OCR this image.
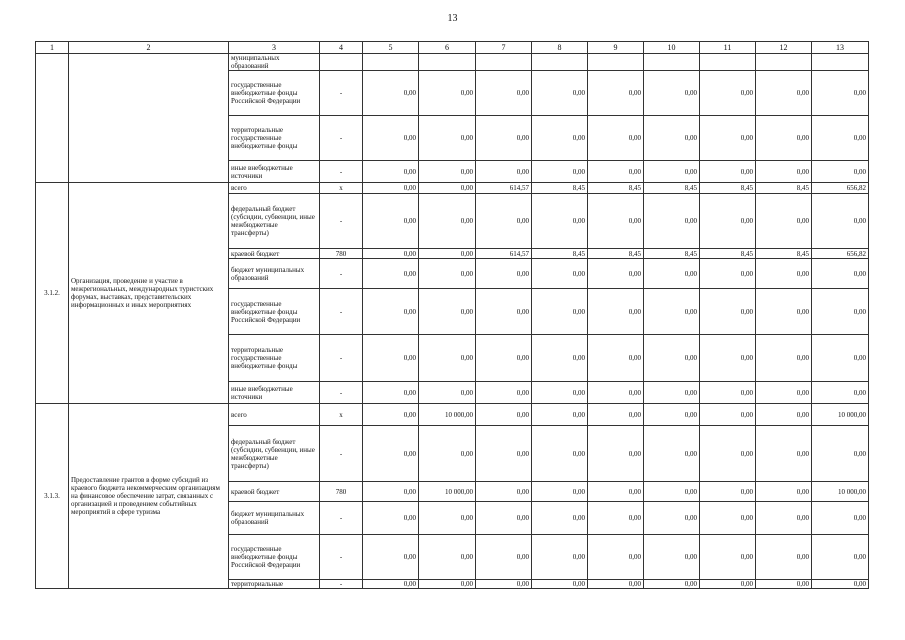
13
1	2	3	4	5	6	7	8	9	10	11	12	13
		муниципальных образований										
		государственные внебюджетные фонды Российской Федерации	-	0,00	0,00	0,00	0,00	0,00	0,00	0,00	0,00	0,00
		территориальные государственные внебюджетные фонды	-	0,00	0,00	0,00	0,00	0,00	0,00	0,00	0,00	0,00
		иные внебюджетные источники	-	0,00	0,00	0,00	0,00	0,00	0,00	0,00	0,00	0,00
3.1.2.	Организация, проведение и участие в межрегиональных, международных туристских форумах, выставках, представительских информационных и иных мероприятиях	всего	х	0,00	0,00	614,57	8,45	8,45	8,45	8,45	8,45	656,82
		федеральный бюджет (субсидии, субвенции, иные межбюджетные трансферты)	-	0,00	0,00	0,00	0,00	0,00	0,00	0,00	0,00	0,00
		краевой бюджет	780	0,00	0,00	614,57	8,45	8,45	8,45	8,45	8,45	656,82
		бюджет муниципальных образований	-	0,00	0,00	0,00	0,00	0,00	0,00	0,00	0,00	0,00
		государственные внебюджетные фонды Российской Федерации	-	0,00	0,00	0,00	0,00	0,00	0,00	0,00	0,00	0,00
		территориальные государственные внебюджетные фонды	-	0,00	0,00	0,00	0,00	0,00	0,00	0,00	0,00	0,00
		иные внебюджетные источники	-	0,00	0,00	0,00	0,00	0,00	0,00	0,00	0,00	0,00
3.1.3.	Предоставление грантов в форме субсидий из краевого бюджета некоммерческим организациям на финансовое обеспечение затрат, связанных с организацией и проведением событийных мероприятий в сфере туризма	всего	х	0,00	10 000,00	0,00	0,00	0,00	0,00	0,00	0,00	10 000,00
		федеральный бюджет (субсидии, субвенции, иные межбюджетные трансферты)	-	0,00	0,00	0,00	0,00	0,00	0,00	0,00	0,00	0,00
		краевой бюджет	780	0,00	10 000,00	0,00	0,00	0,00	0,00	0,00	0,00	10 000,00
		бюджет муниципальных образований	-	0,00	0,00	0,00	0,00	0,00	0,00	0,00	0,00	0,00
		государственные внебюджетные фонды Российской Федерации	-	0,00	0,00	0,00	0,00	0,00	0,00	0,00	0,00	0,00
		территориальные	-	0,00	0,00	0,00	0,00	0,00	0,00	0,00	0,00	0,00
